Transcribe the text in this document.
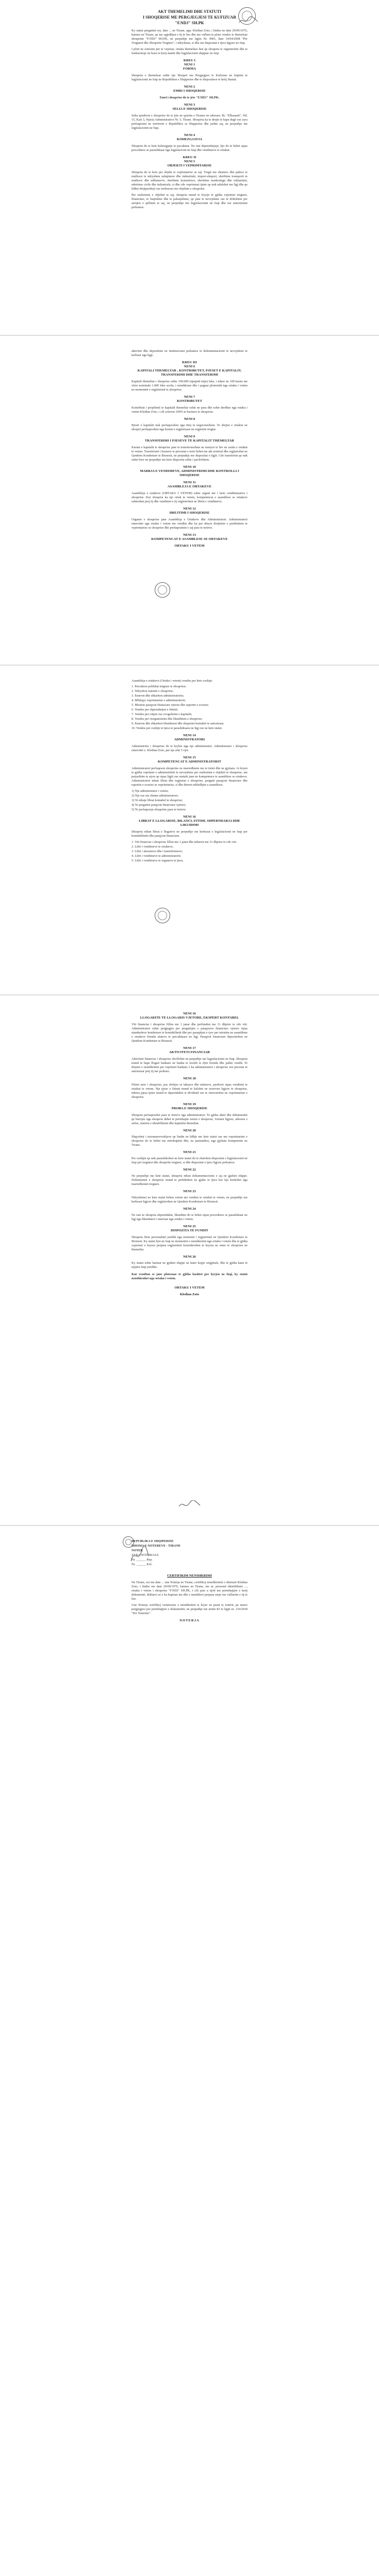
AKT THEMELIMI DHE STATUTI
I SHOQERISE ME PERGJEGJESI TE KUFIZUAR
"F.NDJ" SH.PK
Ky statut pergatitet sot, date ... ne Tirane, nga: Kledian Zoto, i lindur ne date 29/09/1976, banues ne Tirane, qe me zgjedhjen e tij te lire dhe me vullnet te plote vendos te themeloje shoqerine "F.NDJ" SH.PK, ne perputhje me ligjin Nr. 9901, date 14/04/2008 "Per Tregtaret dhe Shoqerite Tregtare", i ndryshuar, si dhe me dispozitat e tjera ligjore ne fuqi.
I ploti ne zotesine per te vepruar, ortaku themelues ben qe shoqeria te organizohet dhe te funksionoje ne baze te ketij statuti dhe legjislacionit shqiptar ne fuqi.
KREU I
NENI 1
FORMA
Shoqeria e themeluar eshte nje Shoqeri me Pergjegjesi te Kufizuar ne kuptim te legjislacionit ne fuqi ne Republiken e Shqiperise dhe te dispozitave te ketij Statuti.
NENI 2
EMRI I SHOQERISE
Emri i shoqerise do te jete "F.NDJ" SH.PK.
NENI 3
SELIA E SHOQERISE
Selia qendrore e shoqerise do te jete ne qytetin e Tiranes ne adresen: Rr. "Elbasanit", Nd. 15, Kati 3, Njesia Administrative Nr. 5, Tirane. Shoqeria ka te drejte te hape degë ose zyra perfaqesimi ne territorin e Republikes se Shqiperise dhe jashte saj, ne perputhje me legjislacionin ne fuqi.
NENI 4
KOHEZGJATJA
Shoqeria do te kete kohezgjatje te pacaktuar. Ne rast shperndarjeje, kjo do te behet sipas procedures se parashikuar nga legjislacioni ne fuqi dhe vendimeve te ortakut.
KREU II
NENI 5
OBJEKTI I VEPRIMTARISE
Shoqeria do te kete per objekt te veprimtarise se saj: Tregti me shumice dhe pakice te mallrave te ndryshme ushqimore dhe industriale, import-eksport, sherbime transporti te mallrave dhe udhetareve, sherbime konsulence, sherbime marketingu dhe reklamimi, ndertime civile dhe industriale, si dhe cdo veprimtari tjeter qe nuk ndalohet me ligj dhe qe lidhet drejtperdrejt ose terthorazi me objektin e shoqerise.
Per realizimin e objektit te saj, shoqeria mund te kryeje te gjitha veprimet tregtare, financiare, te luajtshme dhe te paluajtshme, qe jane te nevojshme ose te dobishme per arritjen e qellimit te saj, ne perputhje me legjislacionin ne fuqi dhe me autorizimet perkatese.
aktivitet dhe depozitimi ne institucionet perkatese te dokumentacionit te nevojshem te kerkuar nga ligji.
KREU III
NENI 6
KAPITALI THEMELTAR , KONTRIBUTET, PJESET E KAPITALIT, TRANSFERIMI DHE TRANSFERIMI
Kapitali themeltar i shoqerise eshte 100.000 (njeqind mije) leke, i ndare ne 100 kuota me vlere nominale 1.000 leke secila, i nenshkruar dhe i paguar plotesisht nga ortaku i vetem ne momentin e regjistrimit te shoqerise.
NENI 7
KONTRIBUTET
Kontributi i perpilimit te kapitalit themeltar eshte ne para dhe eshte derdhur nga ortaku i vetem Kledian Zoto, i cili zoteron 100% te kuotave te shoqerise.
NENI 8
Pjeset e kapitalit nuk perfaqesohen nga tituj te negociueshem. Te drejtat e ortakut ne shoqeri perfaqesohen nga kuotat e regjistruara ne regjistrin tregtar.
NENI 9
TRANSFERIMI I PJESEVE TE KAPITALIT THEMELTAR
Kuotat e kapitalit te shoqerise jane te transferueshme ne menyre te lire ne rastin e ortakut te vetem. Transferimi i kuotave te personat e trete behet me akt noterial dhe regjistrohet ne Qendren Kombetare te Biznesit, ne perputhje me dispozitat e ligjit. Cdo transferim qe nuk eshte bere ne perputhje me keto dispozita eshte i pavlefshem.
NENI 10
MARRJA E VENDIMEVE, ADMINISTRIMI DHE KONTROLLI I SHOQERISE
NENI 11
ASAMBLEJA E ORTAKEVE
Asambleja e ortakeve (ORTAKU I VETEM) eshte organi me i larte vendimmarres i shoqerise. Kur shoqeria ka nje ortak te vetem, kompetencat e asamblese se ortakeve ushtrohen prej tij dhe vendimet e tij regjistrohen ne librin e vendimeve.
NENI 12
DREJTIMI I SHOQERISE
Organet e shoqerise jane Asambleja e Ortakeve dhe Administratori. Administratori emerohet nga ortaku i vetem me vendim dhe ka per detyre drejtimin e perditshem te veprimtarise se shoqerise dhe perfaqesimin e saj para te treteve.
NENI 13
KOMPETENCAT E ASAMBLESE SE ORTAKEVE
ORTAKU I VETEM
Asambleja e ortakeve (Ortaku i vetem) vendos per keto ceshtje:
1. Percakton politikat tregtare te shoqerise;
2. Ndryshon statutin e shoqerise;
3. Emeron dhe shkarkon administratorin;
4. Mbikqyr veprimtarine e administratorit;
5. Miraton pasqyrat financiare vjetore dhe raportet e ecurise;
6. Vendos per shperndarjen e fitimit;
7. Vendos per rritjen ose zvogelimin e kapitalit;
8. Vendos per riorganizimin dhe likuidimin e shoqerise;
9. Emeron dhe shkarkon likuiduesit dhe ekspertet kontabel te autorizuar;
10. Vendos per ceshtje te tjera te parashikuara ne ligj ose ne kete statut.
NENI 14
ADMINISTRATORI
Administrimi i shoqerise do te kryhet nga nje administrator. Administrator i shoqerise emerohet z. Kledian Zoto, per nje afat 5 vjet.
NENI 15
KOMPETENCAT E ADMINISTRATORIT
Administratori perfaqeson shoqerine ne marredhenie me te tretet dhe ne gjykata. Ai kryen te gjitha veprimet e administrimit te nevojshme per realizimin e objektit te shoqerise, me perjashtim te atyre qe sipas ligjit ose statutit jane ne kompetence te asamblese se ortakeve. Administratori mban librat dhe regjistrat e shoqerise, pergatit pasqyrat financiare dhe raportin e ecurise se veprimtarise, si dhe therret mbledhjen e asamblese.
1) Nje administrator i vetem;
2) Nje ose me shume administratore;
3) Te mbaje librat kontabel te shoqerise;
4) Te pergatise pasqyrat financiare vjetore;
5) Te perfaqesoje shoqerine para te treteve.
NENI 16
LIBRAT E LLOGARISE, BILANCI, FITIMI, SHPERNDARJA DHE LIKUIDIMI
Shoqeria mban librat e llogarive ne perputhje me kerkesat e legjislacionit ne fuqi per kontabilitetin dhe pasqyrat financiare.
1. Viti financiar i shoqerise fillon me 1 janar dhe mbaron me 31 dhjetor te cdo viti.
2. Libri i vendimeve te ortakeve;
3. Libri i aksioneve dhe i transferimeve;
4. Libri i vendimeve te administratorit;
5. Libri i vendimeve te organeve te tjera.
NENI 16
LLOGARITE TE LLOGARIS VJETORE, EKSPERT KONTABEL
Viti financiar i shoqerise fillon me 1 janar dhe perfundon me 31 dhjetor te cdo viti. Administratori eshte pergjegjes per pergatitjen e pasqyrave financiare vjetore sipas standardeve kombetare te kontabilitetit dhe per paraqitjen e tyre per miratim ne asamblene e ortakeve brenda afateve te percaktuara ne ligj. Pasqyrat financiare depozitohen ne Qendren Kombetare te Biznesit.
NENI 17
AKTIVITETI FINANCIAR
Aktiviteti financiar i shoqerise zhvillohet ne perputhje me legjislacionin ne fuqi. Shoqeria mund te hape llogari bankare ne banka te nivelit te dyte brenda dhe jashte vendit. Te drejten e nenshkrimit per veprimet bankare e ka administratori i shoqerise ose persona te autorizuar prej tij me prokure.
NENI 18
Fitimi neto i shoqerise, pas zbritjes se taksave dhe tatimeve, perdoret sipas vendimit te ortakut te vetem. Nje pjese e fitimit mund te kalohet ne rezerven ligjore te shoqerise, ndersa pjesa tjeter mund te shperndahet si dividend ose te riinvestohet ne veprimtarine e shoqerise.
NENI 19
PROBA E SHOQERISE
Shoqeria perfaqesohet para te treteve nga administratori. Te gjitha aktet dhe dokumentet qe burojne nga shoqeria duhet te permbajne emrin e shoqerise, formen ligjore, adresen e selise, numrin e identifikimit dhe kapitalin themeltar.
NENI 20
Shqyrtimi i mosmarreveshjeve qe lindin ne lidhje me kete statut ose me veprimtarine e shoqerise do te behet me mirekuptim dhe, ne pamundesi, nga gjykata kompetente ne Tirane.
NENI 21
Per ceshtjet qe nuk parashikohen ne kete statut do te zbatohen dispozitat e legjislacionit ne fuqi per tregtaret dhe shoqerite tregtare, si dhe dispozitat e tjera ligjore perkatese.
NENI 22
Ne perputhje me kete statut, shoqeria mban dokumentacionin e saj ne gjuhen shqipe. Dokumentet e shoqerise mund te perkthehen ne gjuhe te tjera kur kjo kerkohet nga marredheniet tregtare.
NENI 23
Ndryshimet ne kete statut behen vetem me vendim te ortakut te vetem, ne perputhje me kerkesat ligjore dhe regjistrohen ne Qendren Kombetare te Biznesit.
NENI 24
Ne rast se shoqeria shperndahet, likuidimi do te behet sipas procedures se parashikuar ne ligj nga likuidatori i emeruar nga ortaku i vetem.
NENI 25
DISPOZITA TE FUNDIT
Shoqeria fiton personalitet juridik nga momenti i regjistrimit ne Qendren Kombetare te Biznesit. Ky statut hyn ne fuqi ne momentin e nenshkrimit nga ortaku i vetem dhe te gjitha veprimet e kryera perpara regjistrimit konsiderohen te kryera ne emer te shoqerise ne themelim.
NENI 26
Ky statut eshte hartuar ne gjuhen shqipe ne kater kopje origjinale, dhe te gjitha kane te njejten fuqi juridike.
Kur rezulton se jane plotesuar te gjitha kushtet per hyrjen ne fuqi, ky statut nenshkruhet nga ortaku i vetem.
ORTAKU I VETEM
Kledian Zoto
REPUBLIKA E SHQIPERISE
DHOMA E NOTEREVE - TIRANE
NOTER
ZYRA NOTERIALE
Nr. ______ Rep.
Nr. ______ Kol.
CERTIFIKIM NENSHKRIMI
Ne Tirane, sot me date ... une Noterja ne Tirane, certifikoj nenshkrimin e shtetasit Kledian Zoto, i lindur me date 29/09/1976, banues ne Tirane, me nr. personal identifikimi ..., ortaku i vetem i shoqerise "F.NDJ" SH.PK, i cili pasi u njoh me permbajtjen e ketij dokumenti, deklaroi se e ka kuptuar ate dhe e nenshkroi perpara meje me vullnetin e tij te lire.
Une Noterja certifikoj vertetesine e nenshkrimit te kryer ne prani te noterit, pa marre pergjegjesi per permbajtjen e dokumentit, ne perputhje me nenin 83 te ligjit nr. 110/2018 "Per Noterine".
NOTERJA
